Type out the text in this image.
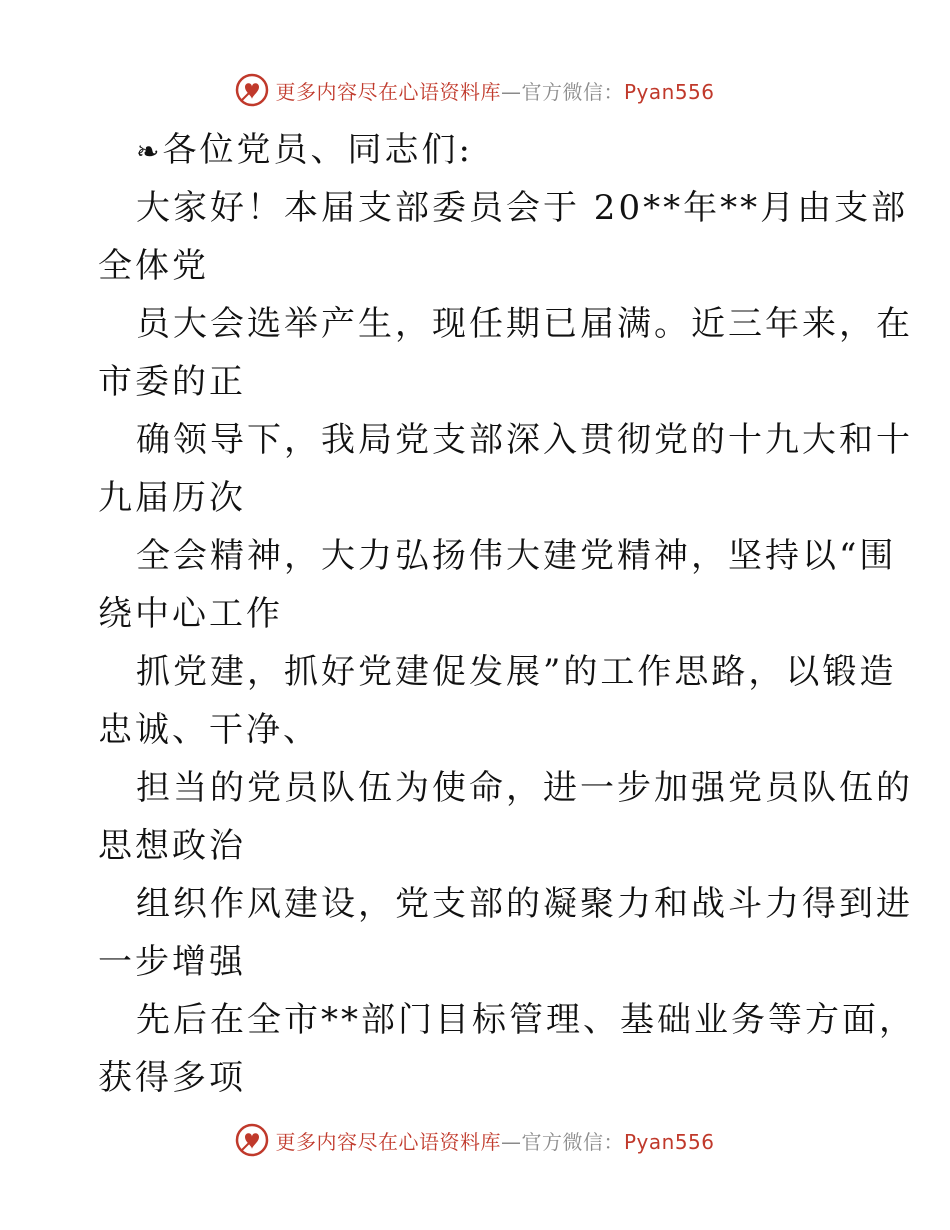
更多内容尽在心语资料库—官方微信：Pyan556
❧各位党员、同志们:
大家好！本届支部委员会于 20**年**月由支部
全体党
员大会选举产生，现任期已届满。近三年来，在
市委的正
确领导下，我局党支部深入贯彻党的十九大和十
九届历次
全会精神，大力弘扬伟大建党精神，坚持以“围
绕中心工作
抓党建，抓好党建促发展”的工作思路，以锻造
忠诚、干净、
担当的党员队伍为使命，进一步加强党员队伍的
思想政治
组织作风建设，党支部的凝聚力和战斗力得到进
一步增强
先后在全市**部门目标管理、基础业务等方面，
获得多项
更多内容尽在心语资料库—官方微信：Pyan556
